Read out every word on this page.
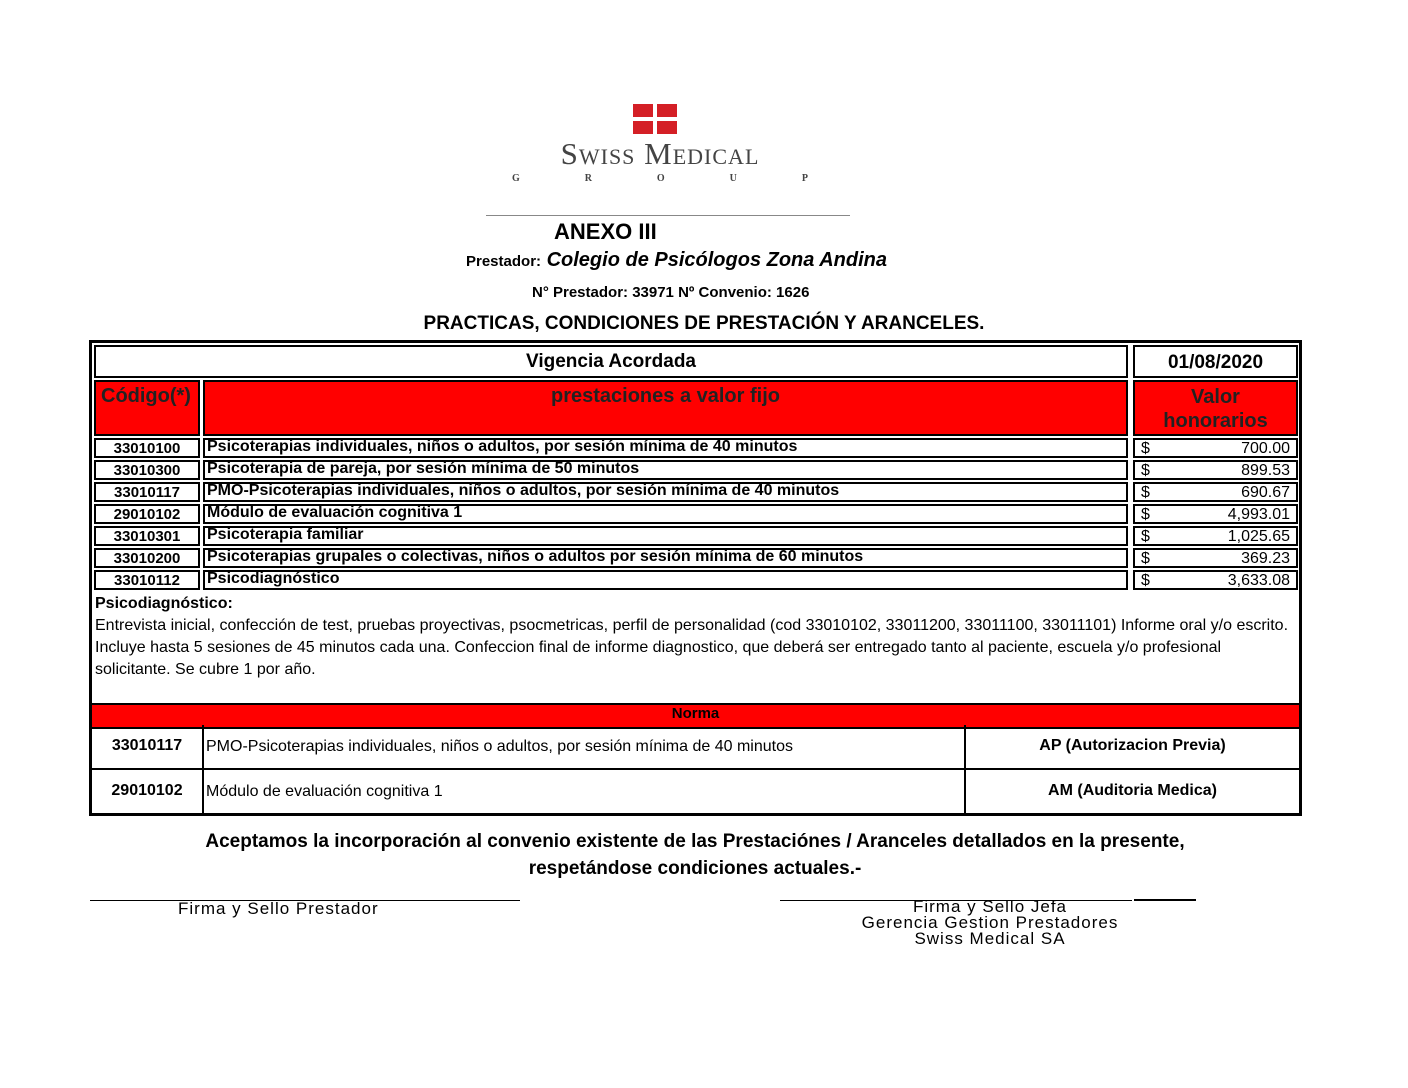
Swiss Medical
G	R	O	U	P
ANEXO III
Prestador: Colegio de Psicólogos Zona Andina
N° Prestador: 33971 Nº Convenio: 1626
PRACTICAS, CONDICIONES DE PRESTACIÓN Y ARANCELES.
Vigencia Acordada	01/08/2020
Código(*)	prestaciones a valor fijo	Valor
honorarios
33010100	Psicoterapias individuales, niños o adultos, por sesión mínima de 40 minutos	$	700.00
33010300	Psicoterapia de pareja, por sesión mínima de 50 minutos	$	899.53
33010117	PMO-Psicoterapias individuales, niños o adultos, por sesión mínima de 40 minutos	$	690.67
29010102	Módulo de evaluación cognitiva 1	$	4,993.01
33010301	Psicoterapia familiar	$	1,025.65
33010200	Psicoterapias grupales o colectivas, niños o adultos por sesión mínima de 60 minutos	$	369.23
33010112	Psicodiagnóstico	$	3,633.08
Psicodiagnóstico:
Entrevista inicial, confección de test, pruebas proyectivas, psocmetricas, perfil de personalidad (cod 33010102, 33011200, 33011100, 33011101) Informe oral y/o escrito. Incluye hasta 5 sesiones de 45 minutos cada una. Confeccion final de informe diagnostico, que deberá ser entregado tanto al paciente, escuela y/o profesional solicitante. Se cubre 1 por año.
Norma
33010117	PMO-Psicoterapias individuales, niños o adultos, por sesión mínima de 40 minutos	AP (Autorizacion Previa)
29010102	Módulo de evaluación cognitiva 1	AM (Auditoria Medica)
Aceptamos la incorporación al convenio existente de las Prestaciónes / Aranceles detallados en la presente,
respetándose condiciones actuales.-
Firma y Sello Prestador	Firma y Sello Jefa
Gerencia Gestion Prestadores
Swiss Medical SA
